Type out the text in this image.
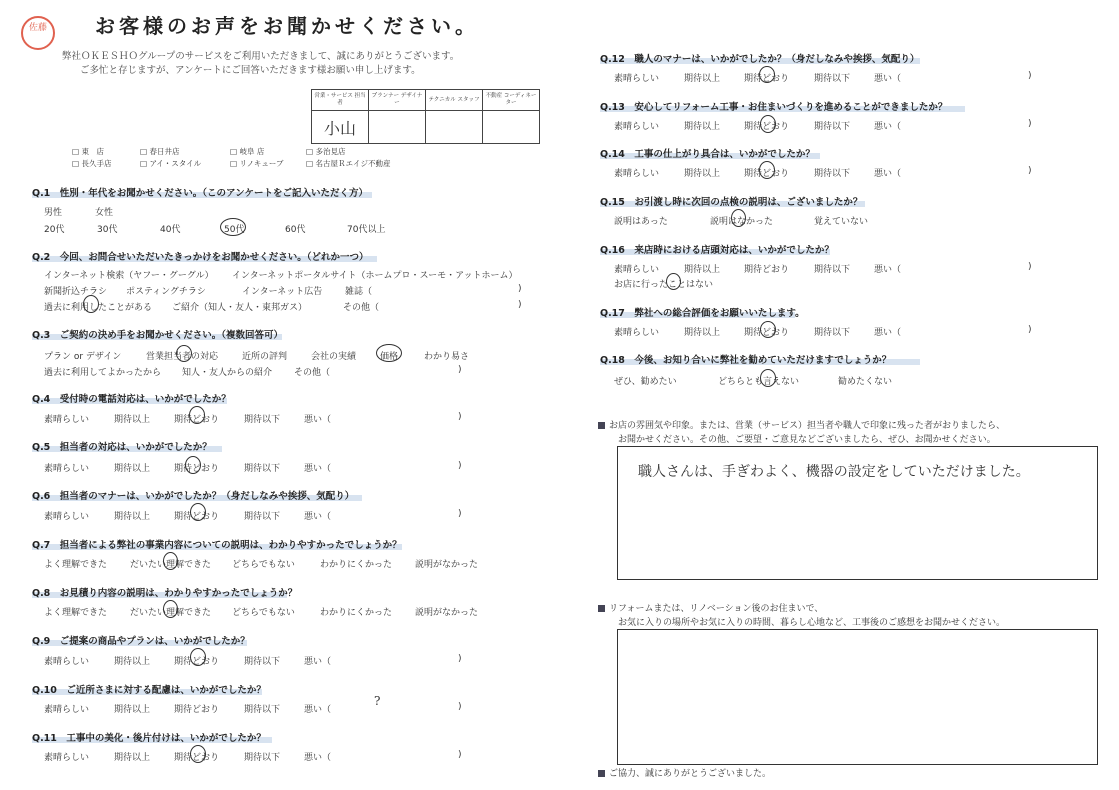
佐藤	お客様のお声をお聞かせください。
弊社ＯＫＥＳＨＯグループのサービスをご利用いただきまして、誠にありがとうございます。
ご多忙と存じますが、アンケートにご回答いただきます様お願い申し上げます。
営業・サービス 担当者	プランナー デザイナー	テクニカル スタッフ	不動産 コーディネーター
小山			
□ 東　店	□ 春日井店	□ 岐阜 店	□ 多治見店
□ 長久手店	□ アイ・スタイル	□ リノキューブ	□ 名古屋Ｒエイジ不動産
Q.1　性別・年代をお聞かせください。（このアンケートをご記入いただく方）
男性	女性
20代	30代	40代	50代	60代	70代以上
Q.2　今回、お問合せいただいたきっかけをお聞かせください。（どれか一つ）
インターネット検索（ヤフー・グーグル） インターネットポータルサイト（ホームプロ・スーモ・アットホーム）
新聞折込チラシ ポスティングチラシ	インターネット広告	雑誌（	)
過去に利用したことがある ご紹介（知人・友人・東邦ガス）	その他（	)
Q.3　ご契約の決め手をお聞かせください。（複数回答可）
プラン or デザイン	営業担当者の対応	近所の評判	会社の実績	価格	わかり易さ
過去に利用してよかったから 知人・友人からの紹介 その他（	)
Q.4　受付時の電話対応は、いかがでしたか？
素晴らしい	期待以上	期待どおり	期待以下	悪い（	)
Q.5　担当者の対応は、いかがでしたか？
素晴らしい	期待以上	期待どおり	期待以下	悪い（	)
Q.6　担当者のマナーは、いかがでしたか？（身だしなみや挨拶、気配り）
素晴らしい	期待以上	期待どおり	期待以下	悪い（	)
Q.7　担当者による弊社の事業内容についての説明は、わかりやすかったでしょうか？
よく理解できた	だいたい理解できた どちらでもない	わかりにくかった	説明がなかった
Q.8　お見積り内容の説明は、わかりやすかったでしょうか？
よく理解できた	だいたい理解できた どちらでもない	わかりにくかった	説明がなかった
Q.9　ご提案の商品やプランは、いかがでしたか？
素晴らしい	期待以上	期待どおり	期待以下	悪い（	)
Q.10　ご近所さまに対する配慮は、いかがでしたか？
素晴らしい	期待以上	期待どおり	期待以下	悪い（
?	)
Q.11　工事中の美化・後片付けは、いかがでしたか？
素晴らしい	期待以上	期待どおり	期待以下	悪い（	)
Q.12　職人のマナーは、いかがでしたか？（身だしなみや挨拶、気配り）
素晴らしい	期待以上	期待どおり	期待以下	悪い（	)
Q.13　安心してリフォーム工事・お住まいづくりを進めることができましたか？
素晴らしい	期待以上	期待どおり	期待以下	悪い（	)
Q.14　工事の仕上がり具合は、いかがでしたか？
素晴らしい	期待以上	期待どおり	期待以下	悪い（	)
Q.15　お引渡し時に次回の点検の説明は、ございましたか？
説明はあった	説明はなかった	覚えていない
Q.16　来店時における店頭対応は、いかがでしたか？
素晴らしい	期待以上	期待どおり	期待以下	悪い（	)
お店に行ったことはない
Q.17　弊社への総合評価をお願いいたします。
素晴らしい	期待以上	期待どおり	期待以下	悪い（	)
Q.18　今後、お知り合いに弊社を勧めていただけますでしょうか？
ぜひ、勧めたい	どちらとも言えない	勧めたくない
お店の雰囲気や印象。または、営業（サービス）担当者や職人で印象に残った者がおりましたら、
お聞かせください。その他、ご要望・ご意見などございましたら、ぜひ、お聞かせください。
職人さんは、手ぎわよく、機器の設定をしていただけました。
リフォームまたは、リノベーション後のお住まいで、
お気に入りの場所やお気に入りの時間、暮らし心地など、工事後のご感想をお聞かせください。
ご協力、誠にありがとうございました。
